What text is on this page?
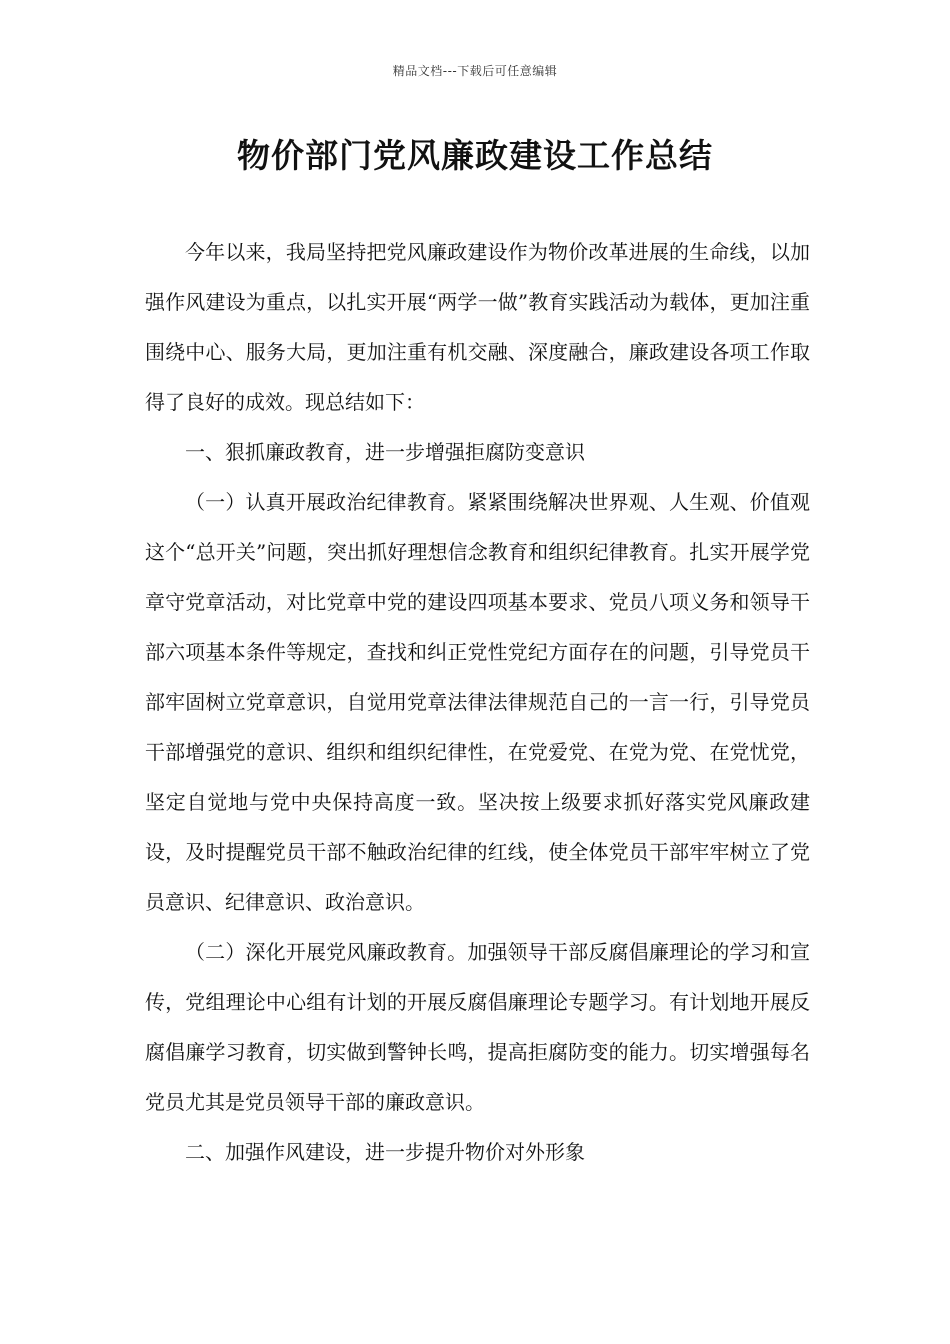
精品文档---下载后可任意编辑
物价部门党风廉政建设工作总结

今年以来，我局坚持把党风廉政建设作为物价改革进展的生命线，以加强作风建设为重点，以扎实开展“两学一做”教育实践活动为载体，更加注重围绕中心、服务大局，更加注重有机交融、深度融合，廉政建设各项工作取得了良好的成效。现总结如下：

一、狠抓廉政教育，进一步增强拒腐防变意识

（一）认真开展政治纪律教育。紧紧围绕解决世界观、人生观、价值观这个“总开关”问题，突出抓好理想信念教育和组织纪律教育。扎实开展学党章守党章活动，对比党章中党的建设四项基本要求、党员八项义务和领导干部六项基本条件等规定，查找和纠正党性党纪方面存在的问题，引导党员干部牢固树立党章意识，自觉用党章法律法律规范自己的一言一行，引导党员干部增强党的意识、组织和组织纪律性，在党爱党、在党为党、在党忧党，坚定自觉地与党中央保持高度一致。坚决按上级要求抓好落实党风廉政建设，及时提醒党员干部不触政治纪律的红线，使全体党员干部牢牢树立了党员意识、纪律意识、政治意识。

（二）深化开展党风廉政教育。加强领导干部反腐倡廉理论的学习和宣传，党组理论中心组有计划的开展反腐倡廉理论专题学习。有计划地开展反腐倡廉学习教育，切实做到警钟长鸣，提高拒腐防变的能力。切实增强每名党员尤其是党员领导干部的廉政意识。

二、加强作风建设，进一步提升物价对外形象
